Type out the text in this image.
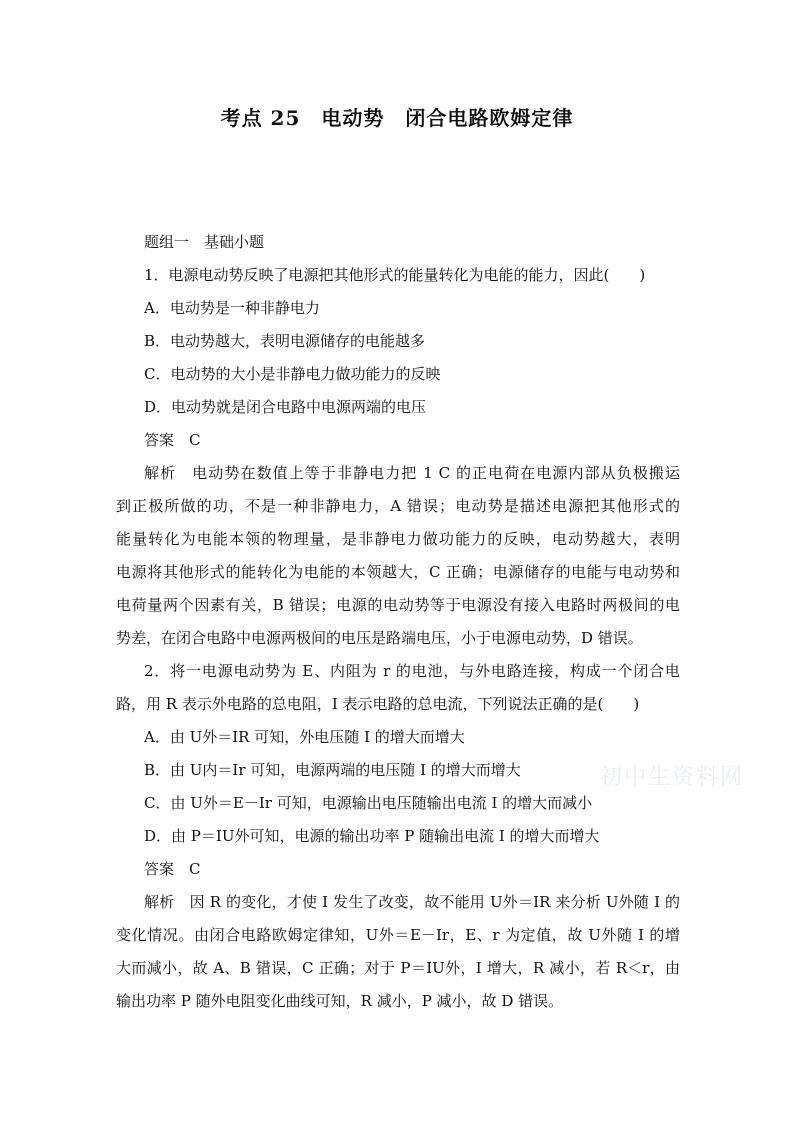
考点 25　电动势　闭合电路欧姆定律
题组一　基础小题
1．电源电动势反映了电源把其他形式的能量转化为电能的能力，因此(　　)
A．电动势是一种非静电力
B．电动势越大，表明电源储存的电能越多
C．电动势的大小是非静电力做功能力的反映
D．电动势就是闭合电路中电源两端的电压
答案　C
解析　电动势在数值上等于非静电力把 1 C 的正电荷在电源内部从负极搬运
到正极所做的功，不是一种非静电力，A 错误；电动势是描述电源把其他形式的
能量转化为电能本领的物理量，是非静电力做功能力的反映，电动势越大，表明
电源将其他形式的能转化为电能的本领越大，C 正确；电源储存的电能与电动势和
电荷量两个因素有关，B 错误；电源的电动势等于电源没有接入电路时两极间的电
势差，在闭合电路中电源两极间的电压是路端电压，小于电源电动势，D 错误。
2．将一电源电动势为 E、内阻为 r 的电池，与外电路连接，构成一个闭合电
路，用 R 表示外电路的总电阻，I 表示电路的总电流，下列说法正确的是(　　)
A．由 U外＝IR 可知，外电压随 I 的增大而增大
B．由 U内＝Ir 可知，电源两端的电压随 I 的增大而增大
C．由 U外＝E－Ir 可知，电源输出电压随输出电流 I 的增大而减小
D．由 P＝IU外可知，电源的输出功率 P 随输出电流 I 的增大而增大
答案　C
解析　因 R 的变化，才使 I 发生了改变，故不能用 U外＝IR 来分析 U外随 I 的
变化情况。由闭合电路欧姆定律知，U外＝E－Ir，E、r 为定值，故 U外随 I 的增
大而减小，故 A、B 错误，C 正确；对于 P＝IU外，I 增大，R 减小，若 R＜r，由
输出功率 P 随外电阻变化曲线可知，R 减小，P 减小，故 D 错误。
初中生资料网
